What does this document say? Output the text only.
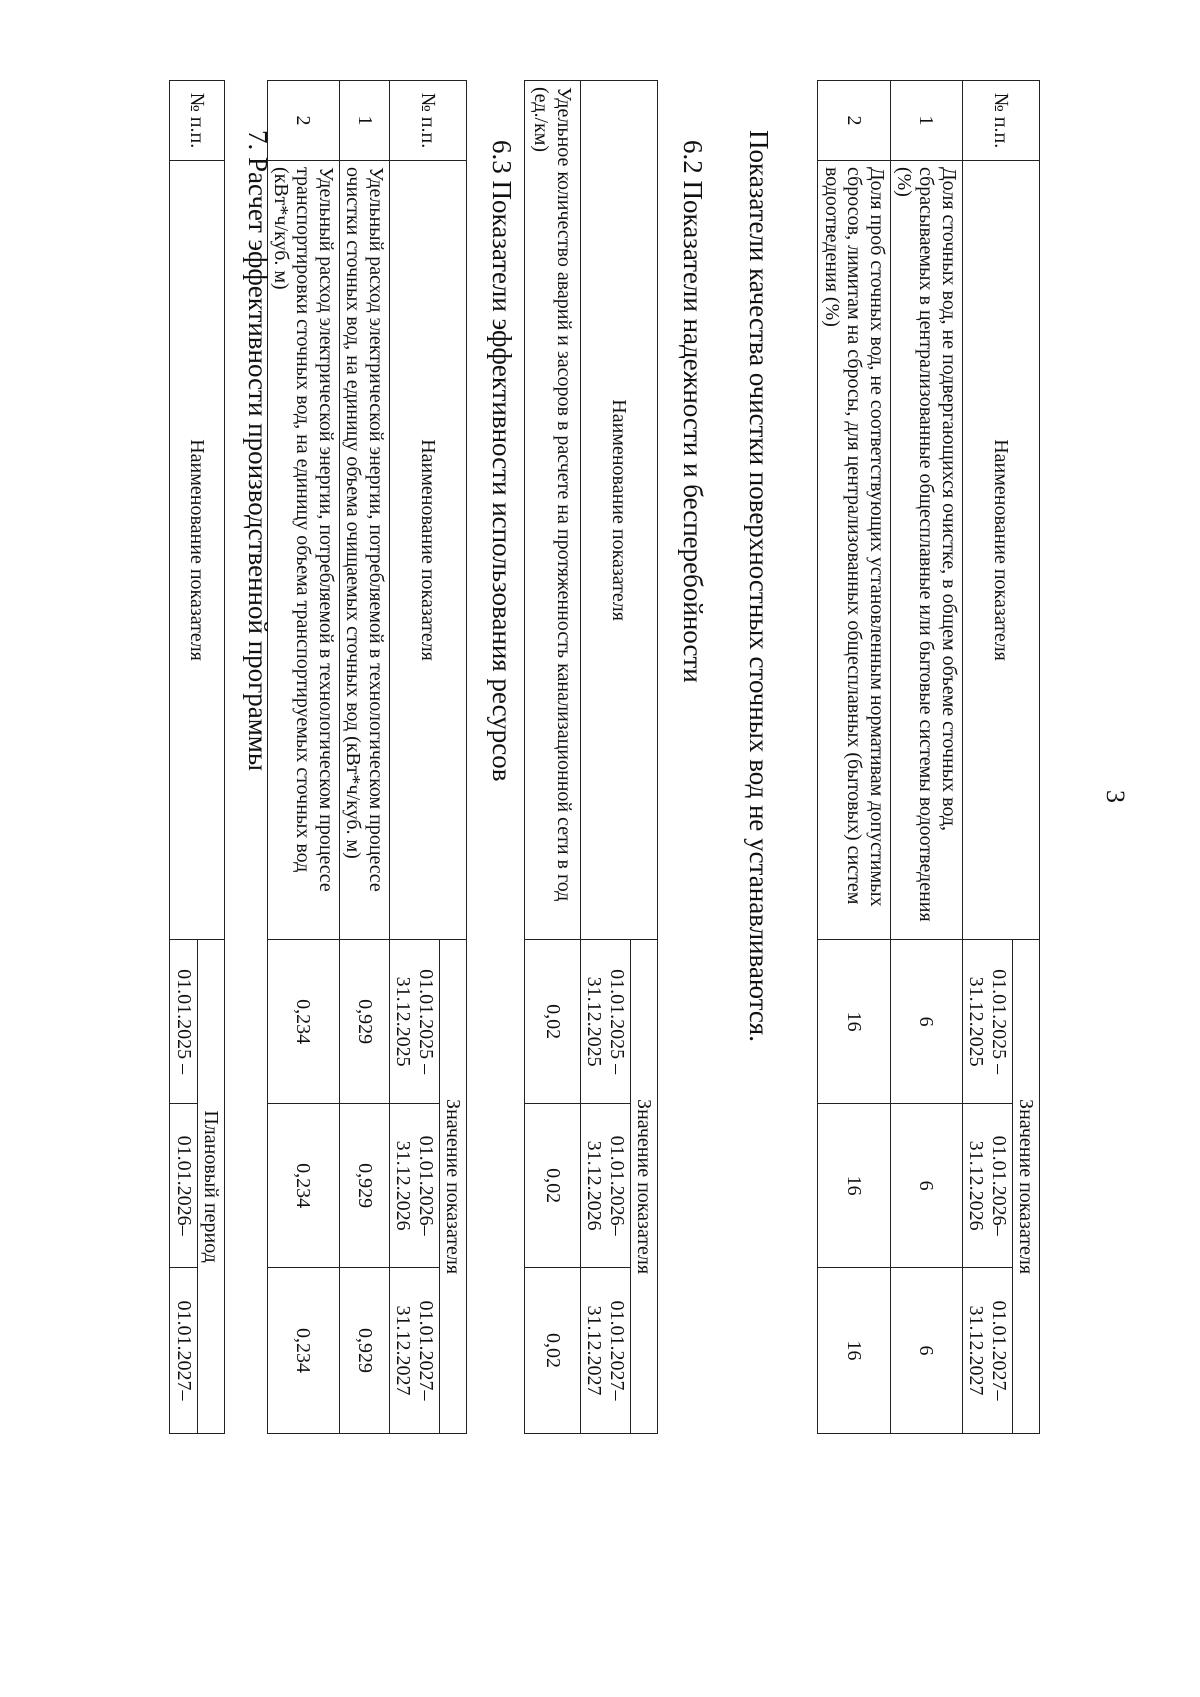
3
№ п.п.	Наименование показателя	Значение показателя		
		01.01.2025 – 31.12.2025	01.01.2026– 31.12.2026	01.01.2027– 31.12.2027
1	Доля сточных вод, не подвергающихся очистке, в общем объеме сточных вод, сбрасываемых в централизованные общесплавные или бытовые системы водоотведения (%)	6	6	6
2	Доля проб сточных вод, не соответствующих установленным нормативам допустимых сбросов, лимитам на сбросы, для централизованных общесплавных (бытовых) систем водоотведения (%)	16	16	16
Показатели качества очистки поверхностных сточных вод не устанавливаются.
6.2 Показатели надежности и бесперебойности
Наименование показателя	Значение показателя		
	01.01.2025 – 31.12.2025	01.01.2026– 31.12.2026	01.01.2027– 31.12.2027
Удельное количество аварий и засоров в расчете на протяженность канализационной сети в год (ед./км)	0,02	0,02	0,02
6.3 Показатели эффективности использования ресурсов
№ п.п.	Наименование показателя	Значение показателя		
		01.01.2025 – 31.12.2025	01.01.2026– 31.12.2026	01.01.2027– 31.12.2027
1	Удельный расход электрической энергии, потребляемой в технологическом процессе очистки сточных вод, на единицу объема очищаемых сточных вод (кВт*ч/куб. м)	0,929	0,929	0,929
2	Удельный расход электрической энергии, потребляемой в технологическом процессе транспортировки сточных вод, на единицу объема транспортируемых сточных вод (кВт*ч/куб. м)	0,234	0,234	0,234
7. Расчет эффективности производственной программы
№ п.п.	Наименование показателя	Плановый период		
		01.01.2025 –	01.01.2026–	01.01.2027–
